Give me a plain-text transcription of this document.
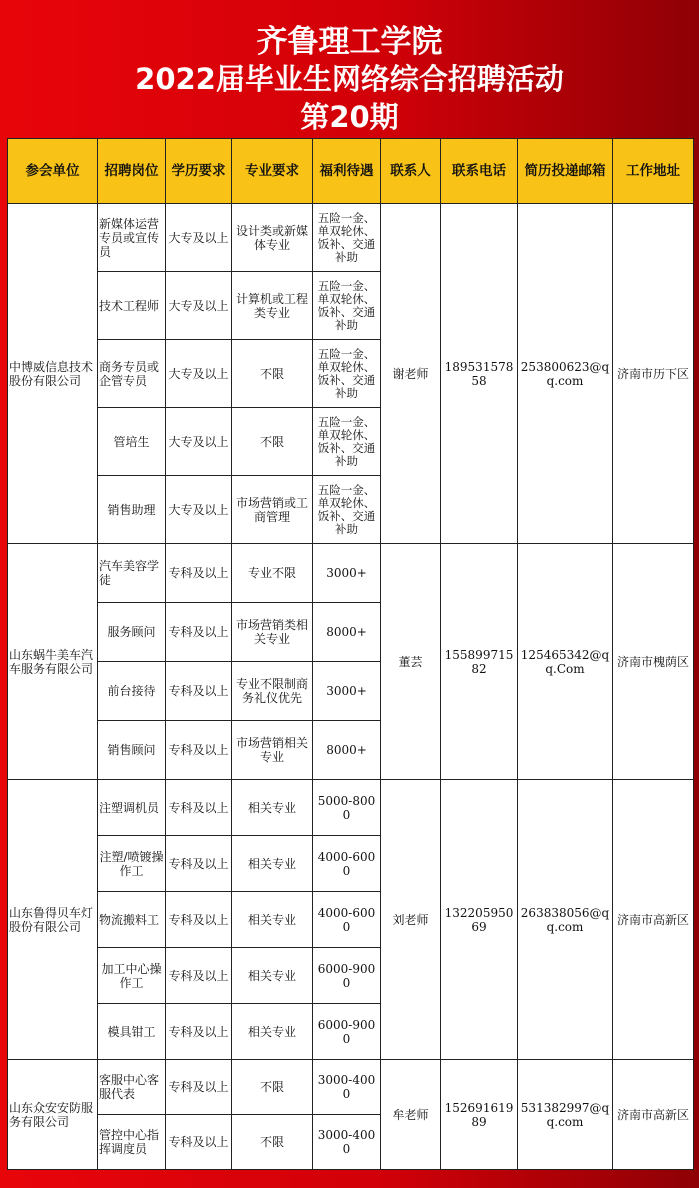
齐鲁理工学院
2022届毕业生网络综合招聘活动
第20期
参会单位	招聘岗位	学历要求	专业要求	福利待遇	联系人	联系电话	简历投递邮箱	工作地址
中博威信息技术股份有限公司	新媒体运营专员或宣传员	大专及以上	设计类或新媒体专业	五险一金、单双轮休、饭补、交通补助	谢老师	18953157858	253800623@qq.com	济南市历下区
	技术工程师	大专及以上	计算机或工程类专业	五险一金、单双轮休、饭补、交通补助				
	商务专员或企管专员	大专及以上	不限	五险一金、单双轮休、饭补、交通补助				
	管培生	大专及以上	不限	五险一金、单双轮休、饭补、交通补助				
	销售助理	大专及以上	市场营销或工商管理	五险一金、单双轮休、饭补、交通补助				
山东蜗牛美车汽车服务有限公司	汽车美容学徒	专科及以上	专业不限	3000+	董芸	15589971582	125465342@qq.Com	济南市槐荫区
	服务顾问	专科及以上	市场营销类相关专业	8000+				
	前台接待	专科及以上	专业不限制商务礼仪优先	3000+				
	销售顾问	专科及以上	市场营销相关专业	8000+				
山东鲁得贝车灯股份有限公司	注塑调机员	专科及以上	相关专业	5000-8000	刘老师	13220595069	263838056@qq.com	济南市高新区
	注塑/喷镀操作工	专科及以上	相关专业	4000-6000				
	物流搬料工	专科及以上	相关专业	4000-6000				
	加工中心操作工	专科及以上	相关专业	6000-9000				
	模具钳工	专科及以上	相关专业	6000-9000				
山东众安安防服务有限公司	客服中心客服代表	专科及以上	不限	3000-4000	牟老师	15269161989	531382997@qq.com	济南市高新区
	管控中心指挥调度员	专科及以上	不限	3000-4000				
